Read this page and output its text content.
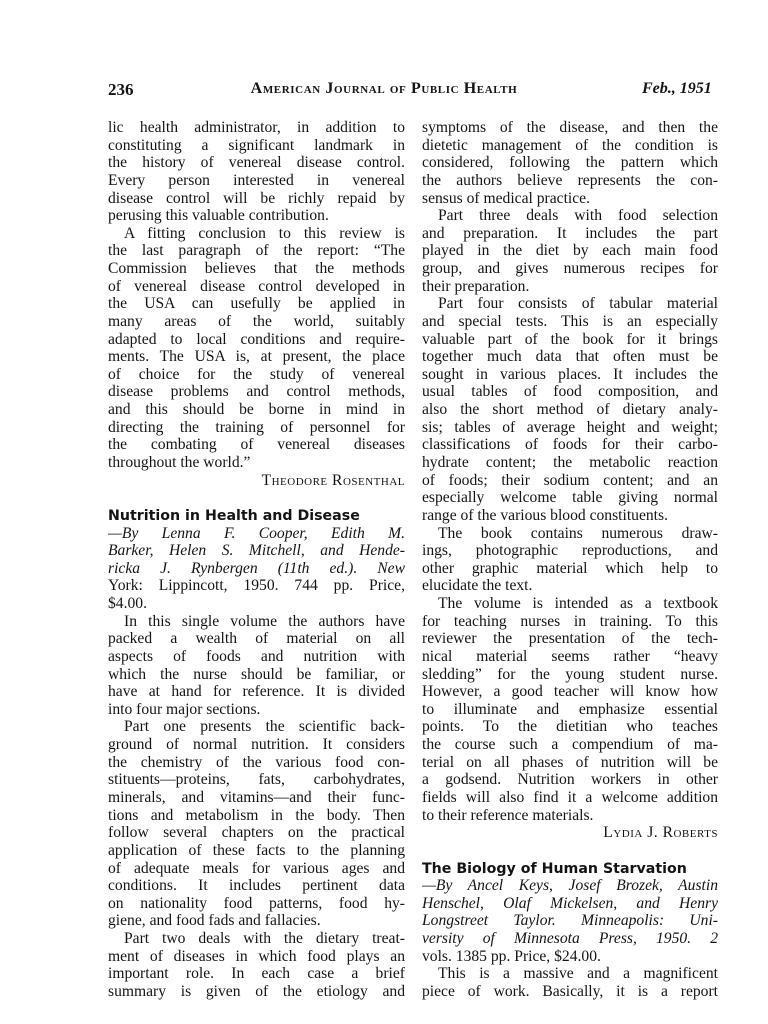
236	American Journal of Public Health	Feb., 1951
lic health administrator, in addition to
constituting a significant landmark in
the history of venereal disease control.
Every person interested in venereal
disease control will be richly repaid by
perusing this valuable contribution.
A fitting conclusion to this review is
the last paragraph of the report: “The
Commission believes that the methods
of venereal disease control developed in
the USA can usefully be applied in
many areas of the world, suitably
adapted to local conditions and require-
ments. The USA is, at present, the place
of choice for the study of venereal
disease problems and control methods,
and this should be borne in mind in
directing the training of personnel for
the combating of venereal diseases
throughout the world.”
Theodore Rosenthal
Nutrition in Health and Disease
—By Lenna F. Cooper, Edith M.
Barker, Helen S. Mitchell, and Hende-
ricka J. Rynbergen (11th ed.). New
York: Lippincott, 1950. 744 pp. Price,
$4.00.
In this single volume the authors have
packed a wealth of material on all
aspects of foods and nutrition with
which the nurse should be familiar, or
have at hand for reference. It is divided
into four major sections.
Part one presents the scientific back-
ground of normal nutrition. It considers
the chemistry of the various food con-
stituents—proteins, fats, carbohydrates,
minerals, and vitamins—and their func-
tions and metabolism in the body. Then
follow several chapters on the practical
application of these facts to the planning
of adequate meals for various ages and
conditions. It includes pertinent data
on nationality food patterns, food hy-
giene, and food fads and fallacies.
Part two deals with the dietary treat-
ment of diseases in which food plays an
important role. In each case a brief
summary is given of the etiology and
symptoms of the disease, and then the
dietetic management of the condition is
considered, following the pattern which
the authors believe represents the con-
sensus of medical practice.
Part three deals with food selection
and preparation. It includes the part
played in the diet by each main food
group, and gives numerous recipes for
their preparation.
Part four consists of tabular material
and special tests. This is an especially
valuable part of the book for it brings
together much data that often must be
sought in various places. It includes the
usual tables of food composition, and
also the short method of dietary analy-
sis; tables of average height and weight;
classifications of foods for their carbo-
hydrate content; the metabolic reaction
of foods; their sodium content; and an
especially welcome table giving normal
range of the various blood constituents.
The book contains numerous draw-
ings, photographic reproductions, and
other graphic material which help to
elucidate the text.
The volume is intended as a textbook
for teaching nurses in training. To this
reviewer the presentation of the tech-
nical material seems rather “heavy
sledding” for the young student nurse.
However, a good teacher will know how
to illuminate and emphasize essential
points. To the dietitian who teaches
the course such a compendium of ma-
terial on all phases of nutrition will be
a godsend. Nutrition workers in other
fields will also find it a welcome addition
to their reference materials.
Lydia J. Roberts
The Biology of Human Starvation
—By Ancel Keys, Josef Brozek, Austin
Henschel, Olaf Mickelsen, and Henry
Longstreet Taylor. Minneapolis: Uni-
versity of Minnesota Press, 1950. 2
vols. 1385 pp. Price, $24.00.
This is a massive and a magnificent
piece of work. Basically, it is a report
